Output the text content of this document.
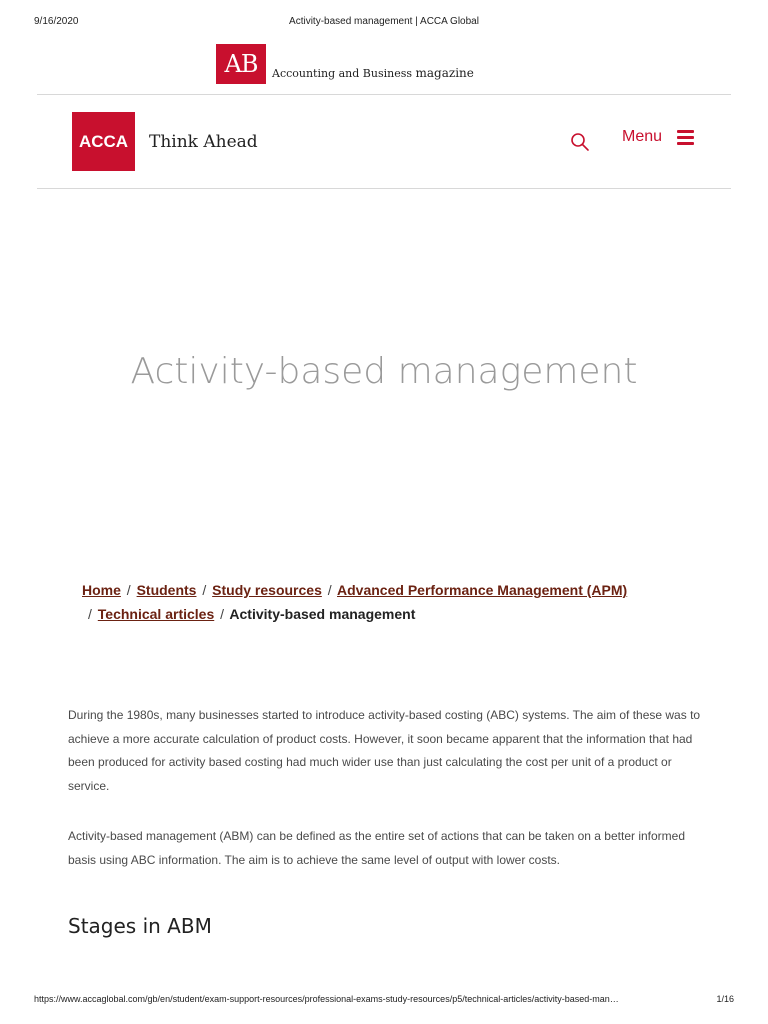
9/16/2020	Activity-based management | ACCA Global
AB	Accounting and Business magazine
ACCA	Think Ahead	Menu
Activity-based management
Home / Students / Study resources / Advanced Performance Management (APM)
/ Technical articles / Activity-based management

During the 1980s, many businesses started to introduce activity-based costing (ABC) systems. The aim of these was to achieve a more accurate calculation of product costs. However, it soon became apparent that the information that had been produced for activity based costing had much wider use than just calculating the cost per unit of a product or service.

Activity-based management (ABM) can be defined as the entire set of actions that can be taken on a better informed basis using ABC information. The aim is to achieve the same level of output with lower costs.

Stages in ABM
https://www.accaglobal.com/gb/en/student/exam-support-resources/professional-exams-study-resources/p5/technical-articles/activity-based-man…	1/16
